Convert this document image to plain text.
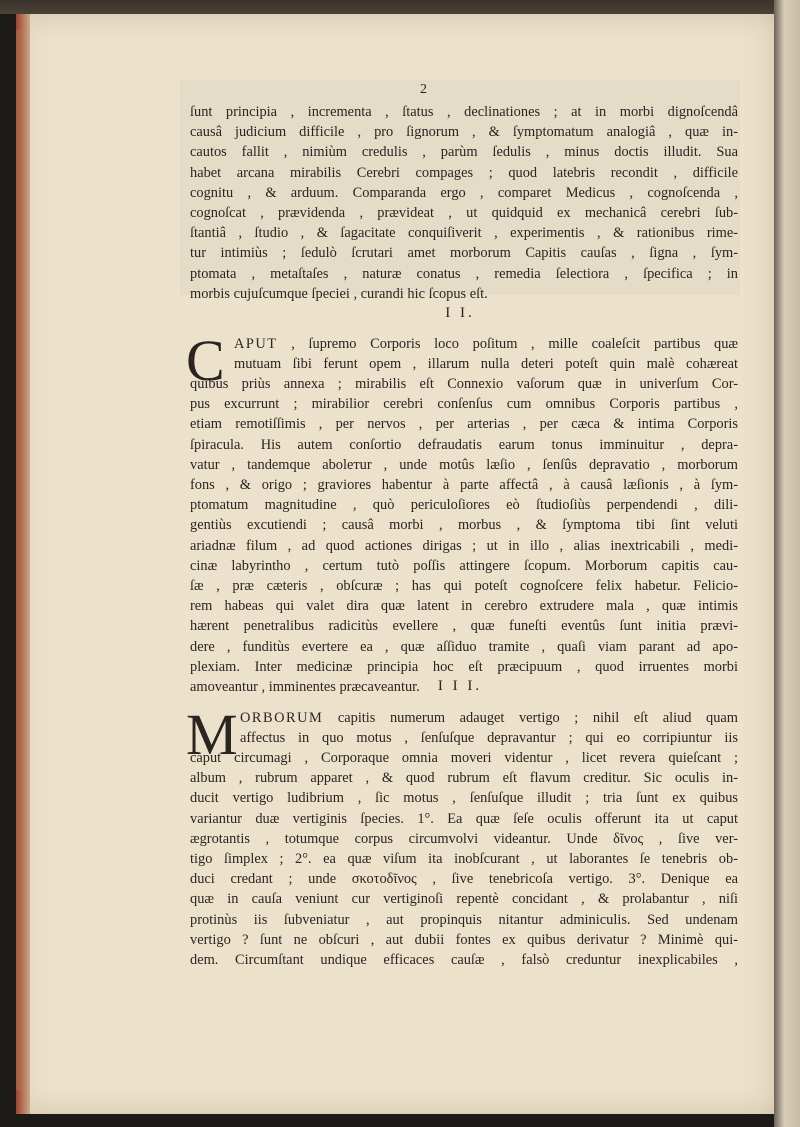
2
ſunt principia , incrementa , ſtatus , declinationes ; at in morbi dignoſcendâ
causâ judicium difficile , pro ſignorum , & ſymptomatum analogiâ , quæ in-
cautos fallit , nimiùm credulis , parùm ſedulis , minus doctis illudit. Sua
habet arcana mirabilis Cerebri compages ; quod latebris recondit , difficile
cognitu , & arduum. Comparanda ergo , comparet Medicus , cognoſcenda ,
cognoſcat , prævidenda , prævideat , ut quidquid ex mechanicâ cerebri ſub-
ſtantiâ , ſtudio , & ſagacitate conquiſiverit , experimentis , & rationibus rime-
tur intimiùs ; ſedulò ſcrutari amet morborum Capitis cauſas , ſigna , ſym-
ptomata , metaſtaſes , naturæ conatus , remedia ſelectiora , ſpecifica ; in
morbis cujuſcumque ſpeciei , curandi hic ſcopus eſt.
I I.
C APUT , ſupremo Corporis loco poſitum , mille coaleſcit partibus quæ
mutuam ſibi ferunt opem , illarum nulla deteri poteſt quin malè cohæreat
quibus priùs annexa ; mirabilis eſt Connexio vaſorum quæ in univerſum Cor-
pus excurrunt ; mirabilior cerebri conſenſus cum omnibus Corporis partibus ,
etiam remotiſſimis , per nervos , per arterias , per cæca & intima Corporis
ſpiracula. His autem conſortio defraudatis earum tonus imminuitur , depra-
vatur , tandemque abolетur , unde motûs læſio , ſenſûs depravatio , morborum
fons , & origo ; graviores habentur à parte affectâ , à causâ læſionis , à ſym-
ptomatum magnitudine , quò periculoſiores eò ſtudioſiùs perpendendi , dili-
gentiùs excutiendi ; causâ morbi , morbus , & ſymptoma tibi ſint veluti
ariadnæ filum , ad quod actiones dirigas ; ut in illo , alias inextricabili , medi-
cinæ labyrintho , certum tutò poſſis attingere ſcopum. Morborum capitis cau-
ſæ , præ cæteris , obſcuræ ; has qui poteſt cognoſcere felix habetur. Felicio-
rem habeas qui valet dira quæ latent in cerebro extrudere mala , quæ intimis
hærent penetralibus radicitùs evellere , quæ funeſti eventûs ſunt initia prævi-
dere , funditùs evertere ea , quæ aſſiduo tramite , quaſi viam parant ad apo-
plexiam. Inter medicinæ principia hoc eſt præcipuum , quod irruentes morbi
amoveantur , imminentes præcaveantur.	I I I.
M ORBORUM capitis numerum adauget vertigo ; nihil eſt aliud quam
affectus in quo motus , ſenſuſque depravantur ; qui eo corripiuntur iis
caput circumagi , Corporaque omnia moveri videntur , licet revera quieſcant ;
album , rubrum apparet , & quod rubrum eſt flavum creditur. Sic oculis in-
ducit vertigo ludibrium , ſic motus , ſenſuſque illudit ; tria ſunt ex quibus
variantur duæ vertiginis ſpecies. 1°. Ea quæ ſeſe oculis offerunt ita ut caput
ægrotantis , totumque corpus circumvolvi videantur. Unde δῖνος , ſive ver-
tigo ſimplex ; 2°. ea quæ viſum ita inobſcurant , ut laborantes ſe tenebris ob-
duci credant ; unde σκοτοδῖνος , ſive tenebricoſa vertigo. 3°. Denique ea
quæ in cauſa veniunt cur vertiginoſi repentè concidant , & prolabantur , niſi
protinùs iis ſubveniatur , aut propinquis nitantur adminiculis. Sed undenam
vertigo ? ſunt ne obſcuri , aut dubii fontes ex quibus derivatur ? Minimè qui-
dem. Circumſtant undique efficaces cauſæ , falsò creduntur inexplicabiles ,
